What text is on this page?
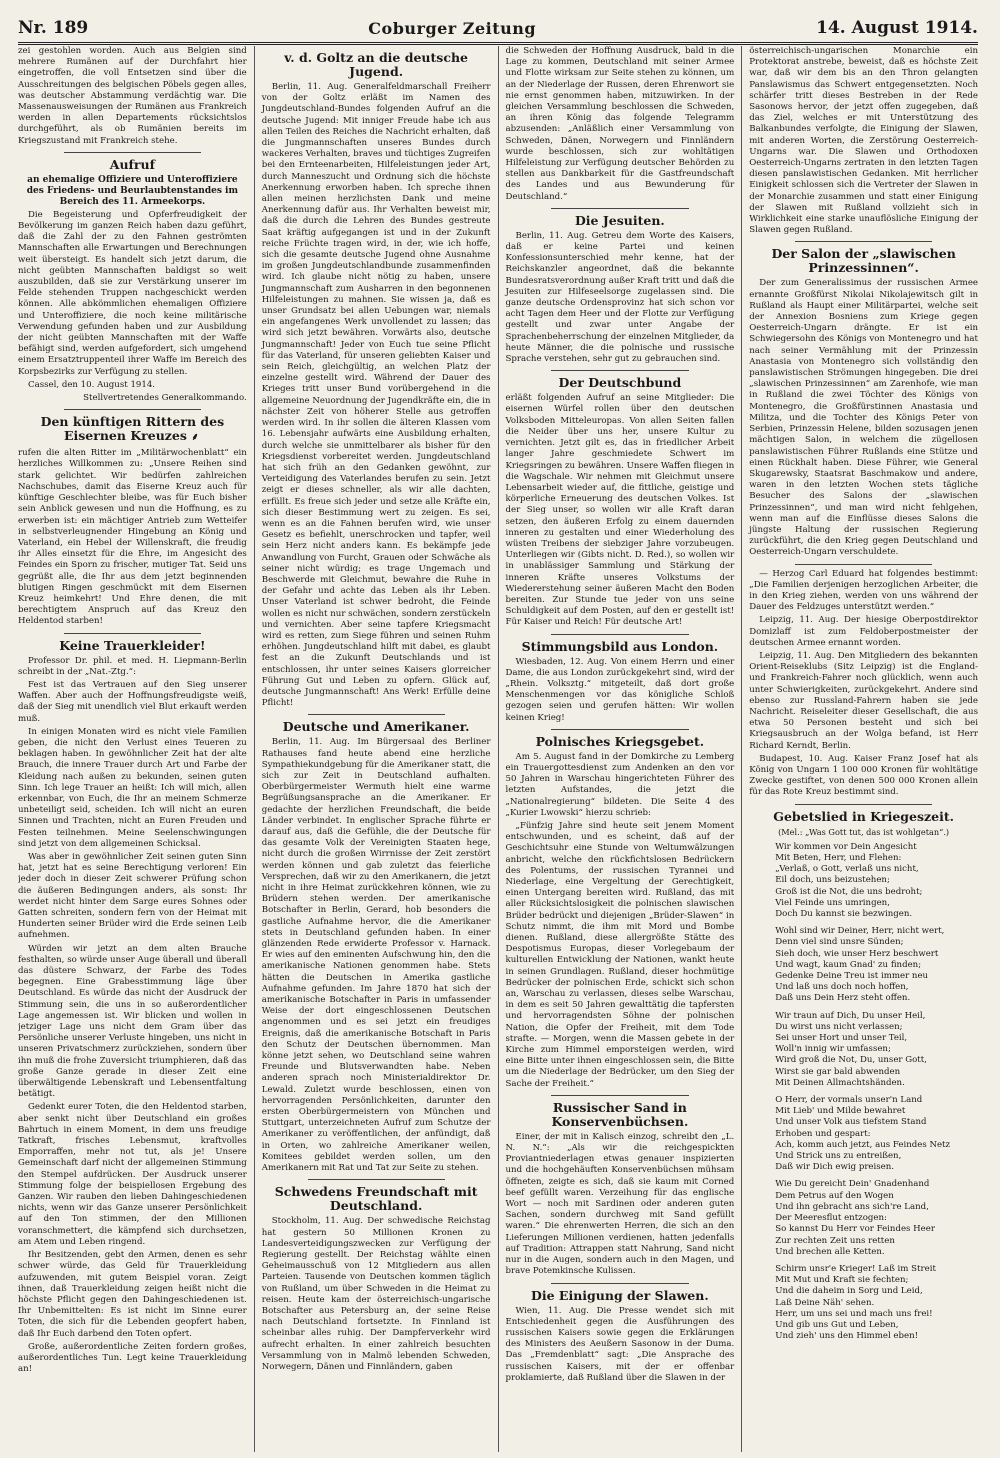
Nr. 189	Coburger Zeitung	14. August 1914.

zei gestohlen worden. Auch aus Belgien sind mehrere Rumänen auf der Durchfahrt hier eingetroffen, die voll Entsetzen sind über die Ausschreitungen des belgischen Pöbels gegen alles, was deutscher Abstammung verdächtig war. Die Massenausweisungen der Rumänen aus Frankreich werden in allen Departements rücksichtslos durchgeführt, als ob Rumänien bereits im Kriegszustand mit Frankreich stehe.

Aufruf
an ehemalige Offiziere und Unteroffiziere des Friedens- und Beurlaubtenstandes im Bereich des 11. Armeekorps.

Die Begeisterung und Opferfreudigkeit der Bevölkerung im ganzen Reich haben dazu geführt, daß die Zahl der zu den Fahnen geströmten Mannschaften alle Erwartungen und Berechnungen weit übersteigt. Es handelt sich jetzt darum, die nicht geübten Mannschaften baldigst so weit auszubilden, daß sie zur Verstärkung unserer im Felde stehenden Truppen nachgeschickt werden können. Alle abkömmlichen ehemaligen Offiziere und Unteroffiziere, die noch keine militärische Verwendung gefunden haben und zur Ausbildung der nicht geübten Mannschaften mit der Waffe befähigt sind, werden aufgefordert, sich umgehend einem Ersatztruppenteil ihrer Waffe im Bereich des Korpsbezirks zur Verfügung zu stellen.

Cassel, den 10. August 1914.

Stellvertretendes Generalkommando.

Den künftigen Rittern des Eisernen Kreuzes ⸙

rufen die alten Ritter im „Militärwochenblatt“ ein herzliches Willkommen zu: „Unsere Reihen sind stark gelichtet. Wir bedürfen zahlreichen Nachschubes, damit das Eiserne Kreuz auch für künftige Geschlechter bleibe, was für Euch bisher sein Anblick gewesen und nun die Hoffnung, es zu erwerben ist: ein mächtiger Antrieb zum Wetteifer in selbstverleugnender Hingebung an König und Vaterland, ein Hebel der Willenskraft, die freudig ihr Alles einsetzt für die Ehre, im Angesicht des Feindes ein Sporn zu frischer, mutiger Tat. Seid uns gegrüßt alle, die Ihr aus dem jetzt beginnenden blutigen Ringen geschmückt mit dem Eisernen Kreuz heimkehrt! Und Ehre denen, die mit berechtigtem Anspruch auf das Kreuz den Heldentod starben!

Keine Trauerkleider!

Professor Dr. phil. et med. H. Liepmann-Berlin schreibt in der „Nat.-Ztg.“:

Fest ist das Vertrauen auf den Sieg unserer Waffen. Aber auch der Hoffnungsfreudigste weiß, daß der Sieg mit unendlich viel Blut erkauft werden muß.

In einigen Monaten wird es nicht viele Familien geben, die nicht den Verlust eines Teueren zu beklagen haben. In gewöhnlicher Zeit hat der alte Brauch, die innere Trauer durch Art und Farbe der Kleidung nach außen zu bekunden, seinen guten Sinn. Ich lege Trauer an heißt: Ich will mich, allen erkennbar, von Euch, die Ihr an meinem Schmerze unbeteiligt seid, scheiden. Ich will nicht an euren Sinnen und Trachten, nicht an Euren Freuden und Festen teilnehmen. Meine Seelenschwingungen sind jetzt von dem allgemeinen Schicksal.

Was aber in gewöhnlicher Zeit seinen guten Sinn hat, jetzt hat es seine Berechtigung verloren! Ein jeder doch in dieser Zeit schwerer Prüfung schon die äußeren Bedingungen anders, als sonst: Ihr werdet nicht hinter dem Sarge eures Sohnes oder Gatten schreiten, sondern fern von der Heimat mit Hunderten seiner Brüder wird die Erde seinen Leib aufnehmen.

Würden wir jetzt an dem alten Brauche festhalten, so würde unser Auge überall und überall das düstere Schwarz, der Farbe des Todes begegnen. Eine Grabesstimmung läge über Deutschland. Es würde das nicht der Ausdruck der Stimmung sein, die uns in so außerordentlicher Lage angemessen ist. Wir blicken und wollen in jetziger Lage uns nicht dem Gram über das Persönliche unserer Verluste hingeben, uns nicht in unseren Privatschmerz zurückziehen, sondern über ihn muß die frohe Zuversicht triumphieren, daß das große Ganze gerade in dieser Zeit eine überwältigende Lebenskraft und Lebensentfaltung betätigt.

Gedenkt eurer Toten, die den Heldentod starben, aber senkt nicht über Deutschland ein großes Bahrtuch in einem Moment, in dem uns freudige Tatkraft, frisches Lebensmut, kraftvolles Emporraffen, mehr not tut, als je! Unsere Gemeinschaft darf nicht der allgemeinen Stimmung den Stempel aufdrücken. Der Ausdruck unserer Stimmung folge der beispiellosen Ergebung des Ganzen. Wir rauben den lieben Dahingeschiedenen nichts, wenn wir das Ganze unserer Persönlichkeit auf den Ton stimmen, der den Millionen voranschmettert, die kämpfend sich durchsetzen, am Atem und Leben ringend.

Ihr Besitzenden, gebt den Armen, denen es sehr schwer würde, das Geld für Trauerkleidung aufzuwenden, mit gutem Beispiel voran. Zeigt ihnen, daß Trauerkleidung zeigen heißt nicht die höchste Pflicht gegen den Dahingeschiedenen ist. Ihr Unbemittelten: Es ist nicht im Sinne eurer Toten, die sich für die Lebenden geopfert haben, daß Ihr Euch darbend den Toten opfert.

Große, außerordentliche Zeiten fordern großes, außerordentliches Tun. Legt keine Trauerkleidung an!

v. d. Goltz an die deutsche Jugend.

Berlin, 11. Aug. Generalfeldmarschall Freiherr von der Goltz erläßt im Namen des Jungdeutschland-Bundes folgenden Aufruf an die deutsche Jugend: Mit inniger Freude habe ich aus allen Teilen des Reiches die Nachricht erhalten, daß die Jungmannschaften unseres Bundes durch wackeres Verhalten, braves und tüchtiges Zugreifen bei den Ernteenarbeiten, Hilfeleistungen jeder Art, durch Manneszucht und Ordnung sich die höchste Anerkennung erworben haben. Ich spreche ihnen allen meinen herzlichsten Dank und meine Anerkennung dafür aus. Ihr Verhalten beweist mir, daß die durch die Lehren des Bundes gestreute Saat kräftig aufgegangen ist und in der Zukunft reiche Früchte tragen wird, in der, wie ich hoffe, sich die gesamte deutsche Jugend ohne Ausnahme im großen Jungdeutschlandbunde zusammenfinden wird. Ich glaube nicht nötig zu haben, unsere Jungmannschaft zum Ausharren in den begonnenen Hilfeleistungen zu mahnen. Sie wissen ja, daß es unser Grundsatz bei allen Uebungen war, niemals ein angefangenes Werk unvollendet zu lassen; das wird sich jetzt bewähren. Vorwärts also, deutsche Jungmannschaft! Jeder von Euch tue seine Pflicht für das Vaterland, für unseren geliebten Kaiser und sein Reich, gleichgültig, an welchen Platz der einzelne gestellt wird. Während der Dauer des Krieges tritt unser Bund vorübergehend in die allgemeine Neuordnung der Jugendkräfte ein, die in nächster Zeit von höherer Stelle aus getroffen werden wird. In ihr sollen die älteren Klassen vom 16. Lebensjahr aufwärts eine Ausbildung erhalten, durch welche sie unmittelbarer als bisher für den Kriegsdienst vorbereitet werden. Jungdeutschland hat sich früh an den Gedanken gewöhnt, zur Verteidigung des Vaterlandes berufen zu sein. Jetzt zeigt er dieses schneller, als wir alle dachten, erfüllt. Es freue sich jeder und setze alle Kräfte ein, sich dieser Bestimmung wert zu zeigen. Es sei, wenn es an die Fahnen berufen wird, wie unser Gesetz es befiehlt, unerschrocken und tapfer, weil sein Herz nicht anders kann. Es bekämpfe jede Anwandlung von Furcht, Grauen oder Schwäche als seiner nicht würdig; es trage Ungemach und Beschwerde mit Gleichmut, bewahre die Ruhe in der Gefahr und achte das Leben als ihr Leben. Unser Vaterland ist schwer bedroht, die Feinde wollen es nicht nur schwächen, sondern zerstückeln und vernichten. Aber seine tapfere Kriegsmacht wird es retten, zum Siege führen und seinen Ruhm erhöhen. Jungdeutschland hilft mit dabei, es glaubt fest an die Zukunft Deutschlands und ist entschlossen, ihr unter seines Kaisers glorreicher Führung Gut und Leben zu opfern. Glück auf, deutsche Jungmannschaft! Ans Werk! Erfülle deine Pflicht!

Deutsche und Amerikaner.

Berlin, 11. Aug. Im Bürgersaal des Berliner Rathauses fand heute abend eine herzliche Sympathiekundgebung für die Amerikaner statt, die sich zur Zeit in Deutschland aufhalten. Oberbürgermeister Wermuth hielt eine warme Begrüßungsansprache an die Amerikaner. Er gedachte der herzlichen Freundschaft, die beide Länder verbindet. In englischer Sprache führte er darauf aus, daß die Gefühle, die der Deutsche für das gesamte Volk der Vereinigten Staaten hege, nicht durch die großen Wirrnisse der Zeit zerstört werden können und gab zuletzt das feierliche Versprechen, daß wir zu den Amerikanern, die jetzt nicht in ihre Heimat zurückkehren können, wie zu Brüdern stehen werden. Der amerikanische Botschafter in Berlin, Gerard, hob besonders die gastliche Aufnahme hervor, die die Amerikaner stets in Deutschland gefunden haben. In einer glänzenden Rede erwiderte Professor v. Harnack. Er wies auf den eminenten Aufschwung hin, den die amerikanische Nationen genommen habe. Stets hätten die Deutschen in Amerika gastliche Aufnahme gefunden. Im Jahre 1870 hat sich der amerikanische Botschafter in Paris in umfassender Weise der dort eingeschlossenen Deutschen angenommen und es sei jetzt ein freudiges Ereignis, daß die amerikanische Botschaft in Paris den Schutz der Deutschen übernommen. Man könne jetzt sehen, wo Deutschland seine wahren Freunde und Blutsverwandten habe. Neben anderen sprach noch Ministerialdirektor Dr. Lewald. Zuletzt wurde beschlossen, einen von hervorragenden Persönlichkeiten, darunter den ersten Oberbürgermeistern von München und Stuttgart, unterzeichneten Aufruf zum Schutze der Amerikaner zu veröffentlichen, der anfündigt, daß in Orten, wo zahlreiche Amerikaner weilen, Komitees gebildet werden sollen, um den Amerikanern mit Rat und Tat zur Seite zu stehen.

Schwedens Freundschaft mit Deutschland.

Stockholm, 11. Aug. Der schwedische Reichstag hat gestern 50 Millionen Kronen zu Landesverteidigungszwecken zur Verfügung der Regierung gestellt. Der Reichstag wählte einen Geheimausschuß von 12 Mitgliedern aus allen Parteien. Tausende von Deutschen kommen täglich von Rußland, um über Schweden in die Heimat zu reisen. Heute kam der österreichisch-ungarische Botschafter aus Petersburg an, der seine Reise nach Deutschland fortsetzte. In Finnland ist scheinbar alles ruhig. Der Dampferverkehr wird aufrecht erhalten. In einer zahlreich besuchten Versammlung von in Malmö lebenden Schweden, Norwegern, Dänen und Finnländern, gaben

die Schweden der Hoffnung Ausdruck, bald in die Lage zu kommen, Deutschland mit seiner Armee und Flotte wirksam zur Seite stehen zu können, um an der Niederlage der Russen, deren Ehrenwort sie nie ernst genommen haben, mitzuwirken. In der gleichen Versammlung beschlossen die Schweden, an ihren König das folgende Telegramm abzusenden: „Anläßlich einer Versammlung von Schweden, Dänen, Norwegern und Finnländern wurde beschlossen, sich zur wohltätigen Hilfeleistung zur Verfügung deutscher Behörden zu stellen aus Dankbarkeit für die Gastfreundschaft des Landes und aus Bewunderung für Deutschland.“

Die Jesuiten.

Berlin, 11. Aug. Getreu dem Worte des Kaisers, daß er keine Partei und keinen Konfessionsunterschied mehr kenne, hat der Reichskanzler angeordnet, daß die bekannte Bundesratsverordnung außer Kraft tritt und daß die Jesuiten zur Hilfeseelsorge zugelassen sind. Die ganze deutsche Ordensprovinz hat sich schon vor acht Tagen dem Heer und der Flotte zur Verfügung gestellt und zwar unter Angabe der Sprachenbeherrschung der einzelnen Mitglieder, da heute Männer, die die polnische und russische Sprache verstehen, sehr gut zu gebrauchen sind.

Der Deutschbund

erläßt folgenden Aufruf an seine Mitglieder: Die eisernen Würfel rollen über den deutschen Volksboden Mitteleuropas. Von allen Seiten fallen die Neider über uns her, unsere Kultur zu vernichten. Jetzt gilt es, das in friedlicher Arbeit langer Jahre geschmiedete Schwert im Kriegsringen zu bewähren. Unsere Waffen fliegen in die Wagschale. Wir nehmen mit Gleichmut unsere Lebensarbeit wieder auf, die fittliche, geistige und körperliche Erneuerung des deutschen Volkes. Ist der Sieg unser, so wollen wir alle Kraft daran setzen, den äußeren Erfolg zu einem dauernden inneren zu gestalten und einer Wiederholung des wüsten Treibens der siebziger Jahre vorzubeugen. Unterliegen wir (Gibts nicht. D. Red.), so wollen wir in unablässiger Sammlung und Stärkung der inneren Kräfte unseres Volkstums der Wiedererstehung seiner äußeren Macht den Boden bereiten. Zur Stunde tue jeder von uns seine Schuldigkeit auf dem Posten, auf den er gestellt ist! Für Kaiser und Reich! Für deutsche Art!

Stimmungsbild aus London.

Wiesbaden, 12. Aug. Von einem Herrn und einer Dame, die aus London zurückgekehrt sind, wird der „Rhein. Volksztg.“ mitgeteilt, daß dort große Menschenmengen vor das königliche Schloß gezogen seien und gerufen hätten: Wir wollen keinen Krieg!

Polnisches Kriegsgebet.

Am 5. August fand in der Domkirche zu Lemberg ein Trauergottesdienst zum Andenken an den vor 50 Jahren in Warschau hingerichteten Führer des letzten Aufstandes, die jetzt die „Nationalregierung“ bildeten. Die Seite 4 des „Kurier Lwowski“ hierzu schrieb:

„Fünfzig Jahre sind heute seit jenem Moment entschwunden, und es scheint, daß auf der Geschichtsuhr eine Stunde von Weltumwälzungen anbricht, welche den rückfichtslosen Bedrückern des Polentums, der russischen Tyrannei und Niederlage, eine Vergeltung der Gerechtigkeit, einen Untergang bereiten wird. Rußland, das mit aller Rücksichtslosigkeit die polnischen slawischen Brüder bedrückt und diejenigen „Brüder-Slawen“ in Schutz nimmt, die ihm mit Mord und Bombe dienen. Rußland, diese allergrößte Stätte des Despotismus Europas, dieser Vorlegebaum der kulturellen Entwicklung der Nationen, wankt heute in seinen Grundlagen. Rußland, dieser hochmütige Bedrücker der polnischen Erde, schickt sich schon an, Warschau zu verlassen, dieses selbe Warschau, in dem es seit 50 Jahren gewalttätig die tapfersten und hervorragendsten Söhne der polnischen Nation, die Opfer der Freiheit, mit dem Tode strafte. — Morgen, wenn die Massen gebete in der Kirche zum Himmel emporsteigen werden, wird eine Bitte unter ihnen eingeschlossen sein, die Bitte um die Niederlage der Bedrücker, um den Sieg der Sache der Freiheit.“

Russischer Sand in Konservenbüchsen.

Einer, der mit in Kalisch einzog, schreibt den „L. N. N.“: „Als wir die reichgespickten Proviantniederlagen etwas genauer inspizierten und die hochgehäuften Konservenbüchsen mühsam öffneten, zeigte es sich, daß sie kaum mit Corned beef gefüllt waren. Verzeihung für das englische Wort — noch mit Sardinen oder anderen guten Sachen, sondern durchweg mit Sand gefüllt waren.“ Die ehrenwerten Herren, die sich an den Lieferungen Millionen verdienen, hatten jedenfalls auf Tradition: Attrappen statt Nahrung, Sand nicht nur in die Augen, sondern auch in den Magen, und brave Potemkinsche Kulissen.

Die Einigung der Slawen.

Wien, 11. Aug. Die Presse wendet sich mit Entschiedenheit gegen die Ausführungen des russischen Kaisers sowie gegen die Erklärungen des Ministers des Aeußern Sasonow in der Duma. Das „Fremdenblatt“ sagt: „Die Ansprache des russischen Kaisers, mit der er offenbar proklamierte, daß Rußland über die Slawen in der

österreichisch-ungarischen Monarchie ein Protektorat anstrebe, beweist, daß es höchste Zeit war, daß wir dem bis an den Thron gelangten Panslawismus das Schwert entgegensetzten. Noch schärfer tritt dieses Bestreben in der Rede Sasonows hervor, der jetzt offen zugegeben, daß das Ziel, welches er mit Unterstützung des Balkanbundes verfolgte, die Einigung der Slawen, mit anderen Worten, die Zerstörung Oesterreich-Ungarns war. Die Slawen und Orthodoxen Oesterreich-Ungarns zertraten in den letzten Tagen diesen panslawistischen Gedanken. Mit herrlicher Einigkeit schlossen sich die Vertreter der Slawen in der Monarchie zusammen und statt einer Einigung der Slawen mit Rußland vollzieht sich in Wirklichkeit eine starke unauflösliche Einigung der Slawen gegen Rußland.

Der Salon der „slawischen Prinzessinnen“.

Der zum Generalissimus der russischen Armee ernannte Großfürst Nikolai Nikolajewitsch gilt in Rußland als Haupt einer Militärpartei, welche seit der Annexion Bosniens zum Kriege gegen Oesterreich-Ungarn drängte. Er ist ein Schwiegersohn des Königs von Montenegro und hat nach seiner Vermählung mit der Prinzessin Anastasia von Montenegro sich vollständig den panslawistischen Strömungen hingegeben. Die drei „slawischen Prinzessinnen“ am Zarenhofe, wie man in Rußland die zwei Töchter des Königs von Montenegro, die Großfürstinnen Anastasia und Militza, und die Tochter des Königs Peter von Serbien, Prinzessin Helene, bilden sozusagen jenen mächtigen Salon, in welchem die zügellosen panslawistischen Führer Rußlands eine Stütze und einen Rückhalt haben. Diese Führer, wie General Skugarewsky, Staatsrat Baschmakow und andere, waren in den letzten Wochen stets tägliche Besucher des Salons der „slawischen Prinzessinnen“, und man wird nicht fehlgehen, wenn man auf die Einflüsse dieses Salons die jüngste Haltung der russischen Regierung zurückführt, die den Krieg gegen Deutschland und Oesterreich-Ungarn verschuldete.

— Herzog Carl Eduard hat folgendes bestimmt: „Die Familien derjenigen herzoglichen Arbeiter, die in den Krieg ziehen, werden von uns während der Dauer des Feldzuges unterstützt werden.“

Leipzig, 11. Aug. Der hiesige Oberpostdirektor Domizlaff ist zum Feldoberpostmeister der deutschen Armee ernannt worden.

Leipzig, 11. Aug. Den Mitgliedern des bekannten Orient-Reiseklubs (Sitz Leipzig) ist die England- und Frankreich-Fahrer noch glücklich, wenn auch unter Schwierigkeiten, zurückgekehrt. Andere sind ebenso zur Russland-Fahrern haben sie jede Nachricht. Reiseleiter dieser Gesellschaft, die aus etwa 50 Personen besteht und sich bei Kriegsausbruch an der Wolga befand, ist Herr Richard Kerndt, Berlin.

Budapest, 10. Aug. Kaiser Franz Josef hat als König von Ungarn 1 100 000 Kronen für wohltätige Zwecke gestiftet, von denen 500 000 Kronen allein für das Rote Kreuz bestimmt sind.

Gebetslied in Kriegeszeit.

(Mel.: „Was Gott tut, das ist wohlgetan“.)

Wir kommen vor Dein Angesicht

Mit Beten, Herr, und Flehen:

„Verlaß, o Gott, verlaß uns nicht,

Eil doch, uns beizustehen;

Groß ist die Not, die uns bedroht;

Viel Feinde uns umringen,

Doch Du kannst sie bezwingen.

Wohl sind wir Deiner, Herr, nicht wert,

Denn viel sind unsre Sünden;

Sieh doch, wie unser Herz beschwert

Und wagt, kaum Gnad' zu finden;

Gedenke Deine Treu ist immer neu

Und laß uns doch noch hoffen,

Daß uns Dein Herz steht offen.

Wir traun auf Dich, Du unser Heil,

Du wirst uns nicht verlassen;

Sei unser Hort und unser Teil,

Woll'n innig wir umfassen;

Wird groß die Not, Du, unser Gott,

Wirst sie gar bald abwenden

Mit Deinen Allmachtshänden.

O Herr, der vormals unser'n Land

Mit Lieb' und Milde bewahret

Und unser Volk aus tiefstem Stand

Erhoben und gespart:

Ach, komm auch jetzt, aus Feindes Netz

Und Strick uns zu entreißen,

Daß wir Dich ewig preisen.

Wie Du gereicht Dein' Gnadenhand

Dem Petrus auf den Wogen

Und ihn gebracht ans sich're Land,

Der Meeresflut entzogen:

So kannst Du Herr vor Feindes Heer

Zur rechten Zeit uns retten

Und brechen alle Ketten.

Schirm unsr'e Krieger! Laß im Streit

Mit Mut und Kraft sie fechten;

Und die daheim in Sorg und Leid,

Laß Deine Näh' sehen.

Herr, um uns sei und mach uns frei!

Und gib uns Gut und Leben,

Und zieh' uns den Himmel eben!
